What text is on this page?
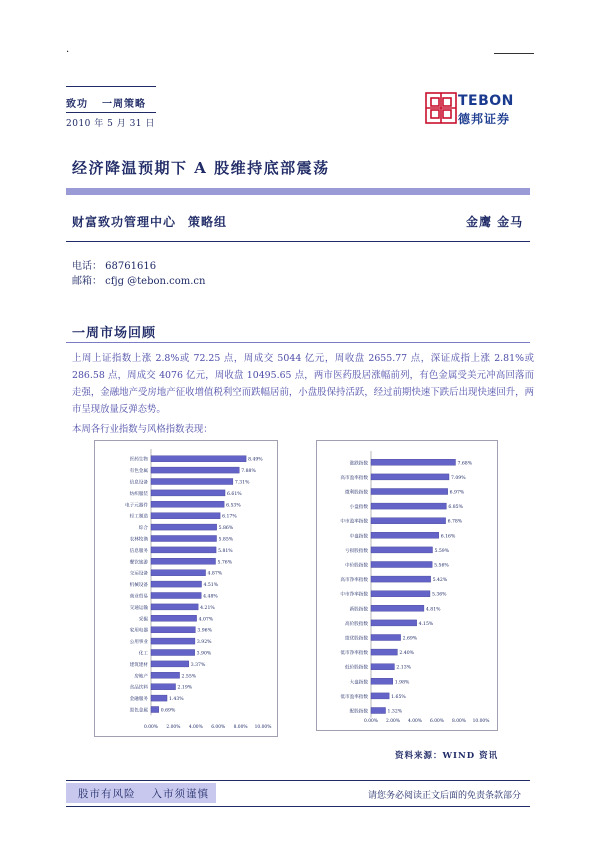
.
致功 一周策略
2010 年 5 月 31 日
TEBON
德邦证券
经济降温预期下 A 股维持底部震荡
财富致功管理中心 策略组	金鹰 金马
电话： 68761616
邮箱： cfjg @tebon.com.cn
一周市场回顾
上周上证指数上涨 2.8%或 72.25 点，周成交 5044 亿元，周收盘 2655.77 点，深证成指上涨 2.81%或 286.58 点，周成交 4076 亿元，周收盘 10495.65 点，两市医药股居涨幅前列，有色金属受美元冲高回落而走强，金融地产受房地产征收增值税利空而跌幅居前，小盘股保持活跃，经过前期快速下跌后出现快速回升，两市呈现放量反弹态势。
本周各行业指数与风格指数表现：
医药生物	8.49%
有色金属	7.88%
信息设备	7.31%
纺织服装	6.61%
电子元器件	6.53%
轻工制造	6.17%
综合	5.86%
农林牧渔	5.85%
信息服务	5.81%
餐饮旅游	5.76%
交运设备	4.87%
机械设备	4.51%
商业贸易	4.48%
交通运输	4.21%
采掘	4.07%
家用电器	3.96%
公用事业	3.92%
化工	3.90%
建筑建材	3.37%
房地产	2.55%
食品饮料	2.19%
金融服务	1.43%
黑色金属	0.69%
0.00% 2.00% 4.00% 6.00% 8.00% 10.00%
涨跌指数	7.68%
高市盈率指数	7.09%
微利股指数	6.97%
小盘指数	6.85%
中市盈率指数	6.78%
中盘指数	6.16%
亏损股指数	5.59%
中价股指数	5.56%
高市净率指数	5.42%
中市净率指数	5.36%
新股指数	4.81%
高价股指数	4.15%
绩优股指数	2.69%
低市净率指数	2.40%
低价股指数	2.13%
大盘指数	1.98%
低市盈率指数	1.65%
配股指数	1.32%
0.00% 2.00% 4.00% 6.00% 8.00% 10.00%
资料来源：WIND 资讯
股市有风险 入市须谨慎	请您务必阅读正文后面的免责条款部分
